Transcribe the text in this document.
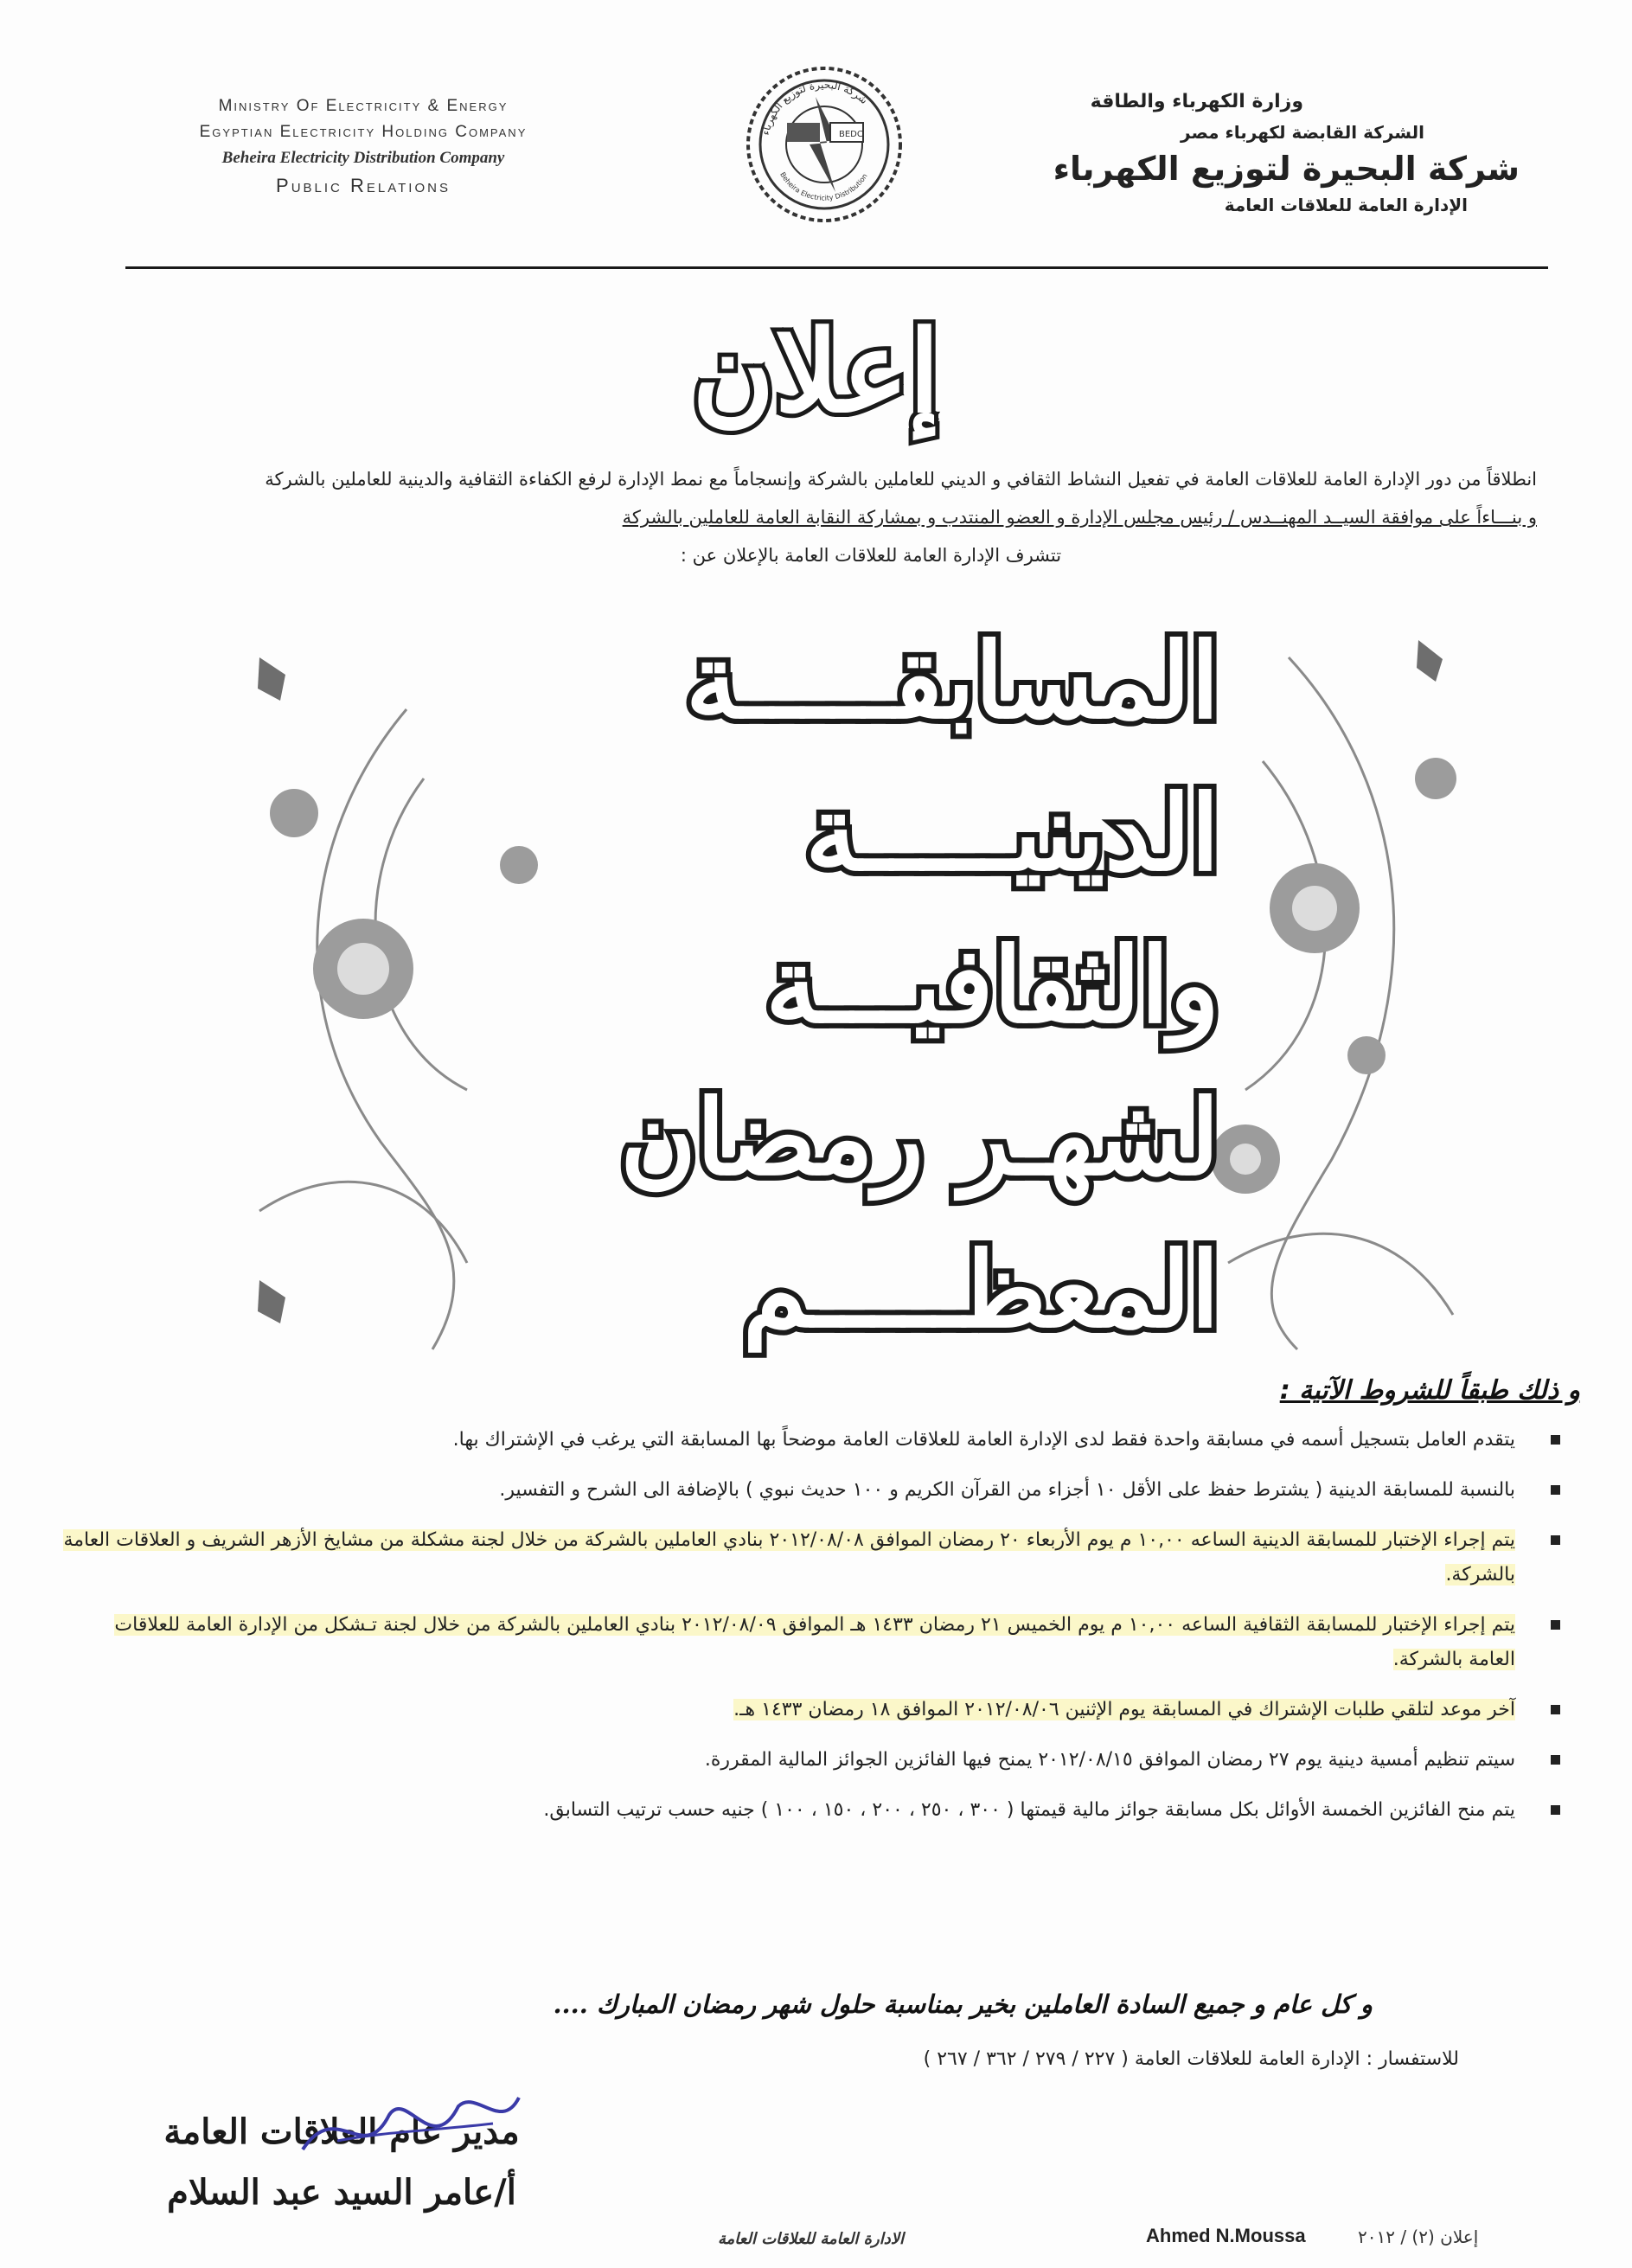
Ministry Of Electricity & Energy
Egyptian Electricity Holding Company
Beheira Electricity Distribution Company
Public Relations
BEDC
شركة البحيرة لتوزيع الكهرباء
Beheira Electricity Distribution
وزارة الكهرباء والطاقة
الشركة القابضة لكهرباء مصر
شركة البحيرة لتوزيع الكهرباء
الإدارة العامة للعلاقات العامة
إعلان

انطلاقاً من دور الإدارة العامة للعلاقات العامة في تفعيل النشاط الثقافي و الديني للعاملين بالشركة وإنسجاماً مع نمط الإدارة لرفع الكفاءة الثقافية والدينية للعاملين بالشركة

و بنـــاءاً على موافقة السيــد المهنــدس / رئيس مجلس الإدارة و العضو المنتدب و بمشاركة النقابة العامة للعاملين بالشركة

تتشرف الإدارة العامة للعلاقات العامة بالإعلان عن :

المسابقـــــة
الدينيـــــة
والثقافيـــة
لشهـر رمضان
المعظـــــم
و ذلك طبقاً للشروط الآتية :
يتقدم العامل بتسجيل أسمه في مسابقة واحدة فقط لدى الإدارة العامة للعلاقات العامة موضحاً بها المسابقة التي يرغب في الإشتراك بها.
بالنسبة للمسابقة الدينية ( يشترط حفظ على الأقل ١٠ أجزاء من القرآن الكريم و ١٠٠ حديث نبوي ) بالإضافة الى الشرح و التفسير.
يتم إجراء الإختبار للمسابقة الدينية الساعه ١٠,٠٠ م يوم الأربعاء ٢٠ رمضان الموافق ٢٠١٢/٠٨/٠٨ بنادي العاملين بالشركة من خلال لجنة مشكلة من مشايخ الأزهر الشريف و العلاقات العامة بالشركة.
يتم إجراء الإختبار للمسابقة الثقافية الساعه ١٠,٠٠ م يوم الخميس ٢١ رمضان ١٤٣٣ هـ الموافق ٢٠١٢/٠٨/٠٩ بنادي العاملين بالشركة من خلال لجنة تـشكل من الإدارة العامة للعلاقات العامة بالشركة.
آخر موعد لتلقي طلبات الإشتراك في المسابقة يوم الإثنين ٢٠١٢/٠٨/٠٦ الموافق ١٨ رمضان ١٤٣٣ هـ.
سيتم تنظيم أمسية دينية يوم ٢٧ رمضان الموافق ٢٠١٢/٠٨/١٥ يمنح فيها الفائزين الجوائز المالية المقررة.
يتم منح الفائزين الخمسة الأوائل بكل مسابقة جوائز مالية قيمتها ( ٣٠٠ ، ٢٥٠ ، ٢٠٠ ، ١٥٠ ، ١٠٠ ) جنيه حسب ترتيب التسابق.
و كل عام و جميع السادة العاملين بخير بمناسبة حلول شهر رمضان المبارك ....
للاستفسار : الإدارة العامة للعلاقات العامة ( ٢٢٧ / ٢٧٩ / ٣٦٢ / ٢٦٧ )
مدير عام العلاقات العامة
أ/عامر السيد عبد السلام
الادارة العامة للعلاقات العامة	Ahmed N.Moussa	إعلان (٢) / ٢٠١٢
